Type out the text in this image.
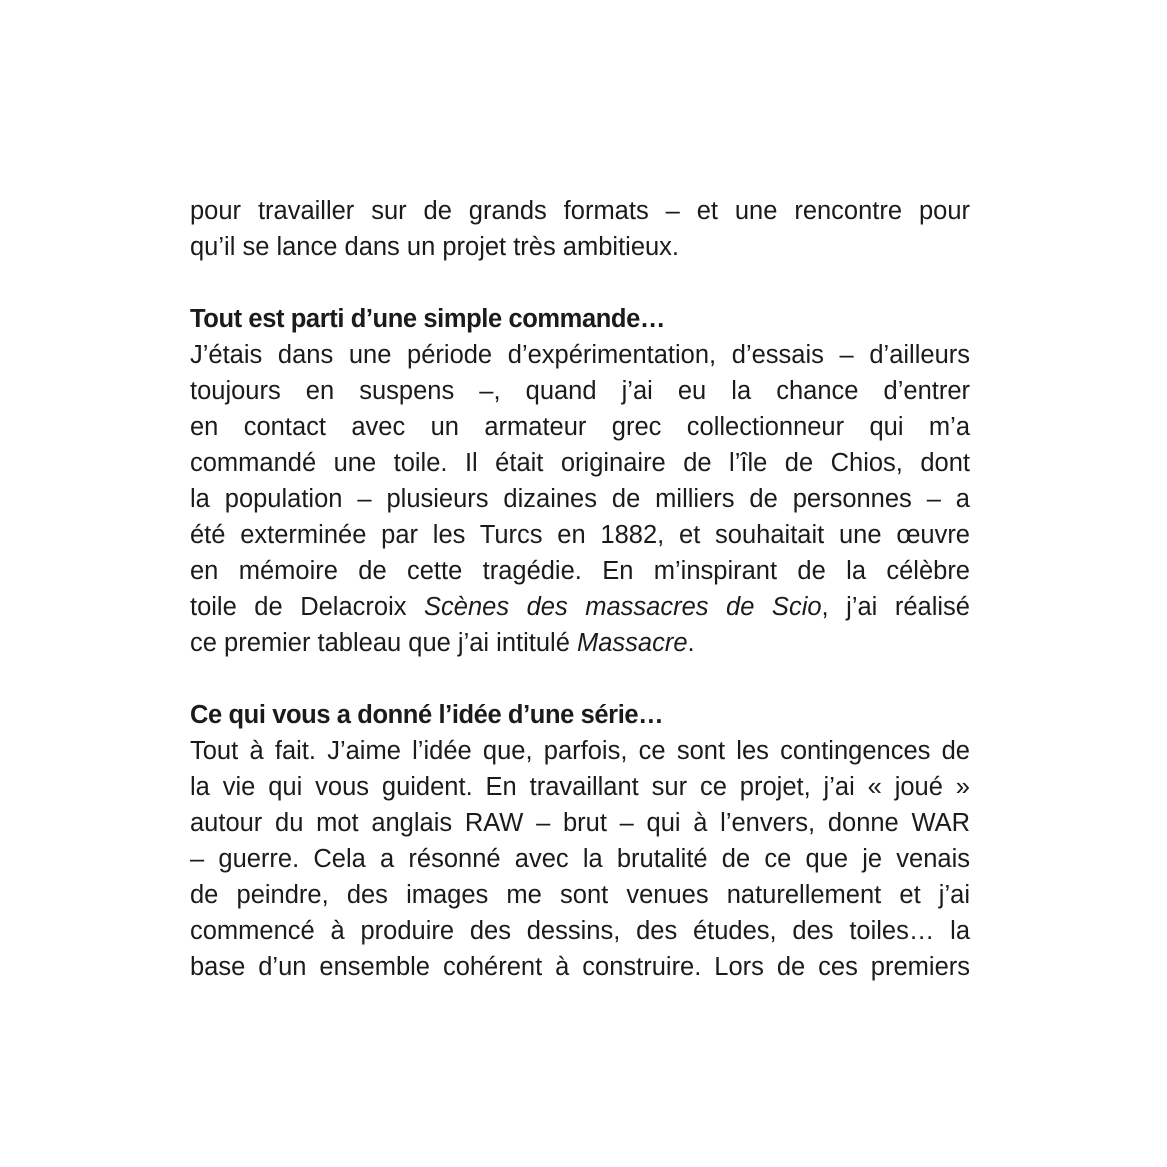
pour travailler sur de grands formats – et une rencontre pour
qu’il se lance dans un projet très ambitieux.

Tout est parti d’une simple commande…

J’étais dans une période d’expérimentation, d’essais – d’ailleurs
toujours en suspens –, quand j’ai eu la chance d’entrer
en contact avec un armateur grec collectionneur qui m’a
commandé une toile. Il était originaire de l’île de Chios, dont
la population – plusieurs dizaines de milliers de personnes – a
été exterminée par les Turcs en 1882, et souhaitait une œuvre
en mémoire de cette tragédie. En m’inspirant de la célèbre
toile de Delacroix Scènes des massacres de Scio, j’ai réalisé
ce premier tableau que j’ai intitulé Massacre.

Ce qui vous a donné l’idée d’une série…

Tout à fait. J’aime l’idée que, parfois, ce sont les contingences de
la vie qui vous guident. En travaillant sur ce projet, j’ai « joué »
autour du mot anglais RAW – brut – qui à l’envers, donne WAR
– guerre. Cela a résonné avec la brutalité de ce que je venais
de peindre, des images me sont venues naturellement et j’ai
commencé à produire des dessins, des études, des toiles… la
base d’un ensemble cohérent à construire. Lors de ces premiers
